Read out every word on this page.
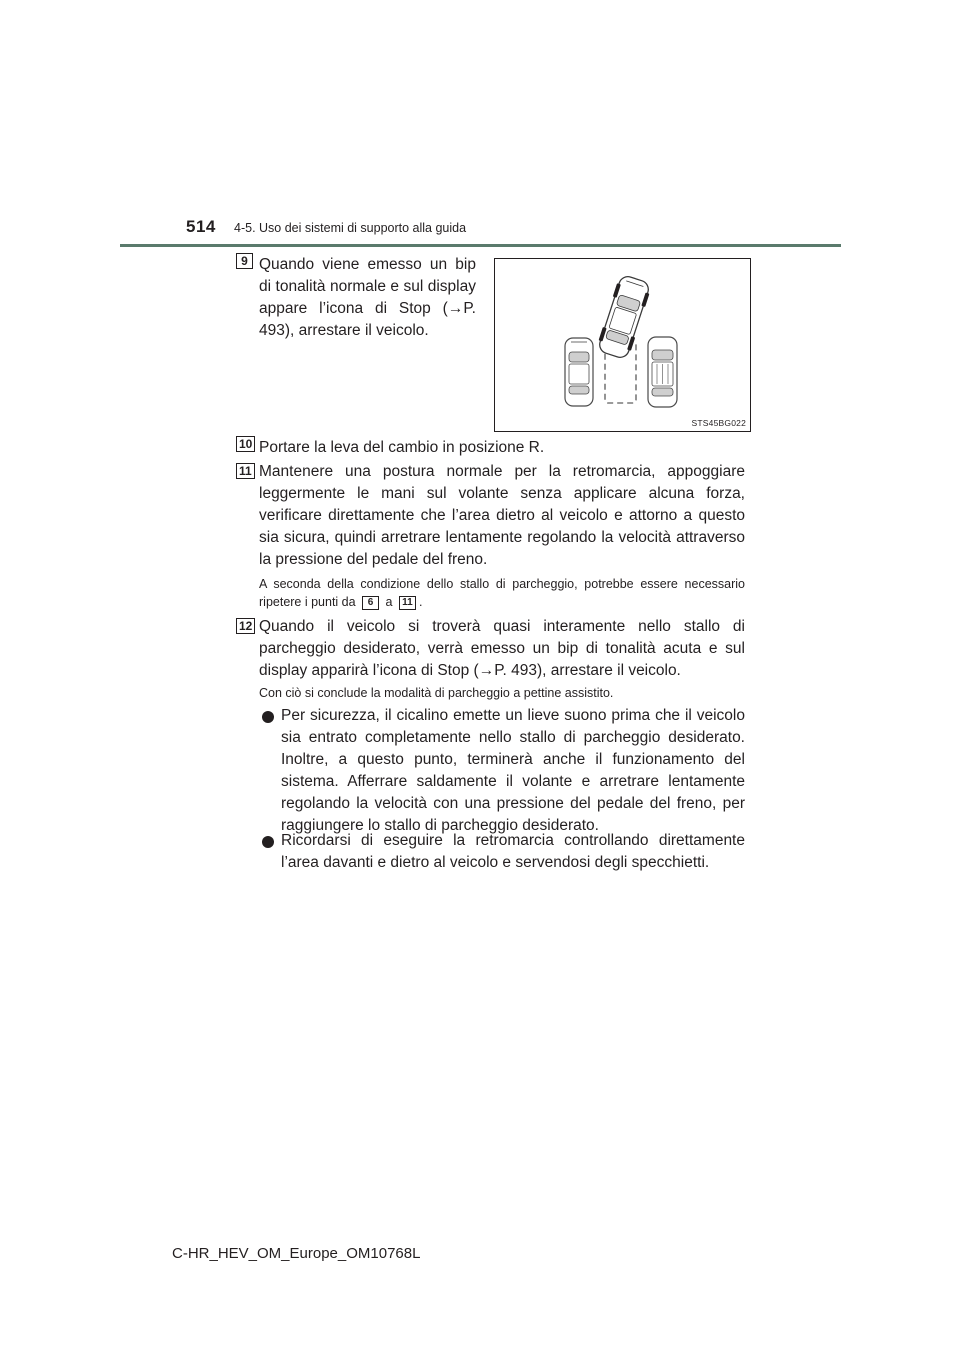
514 4-5. Uso dei sistemi di supporto alla guida
9 Quando viene emesso un bip di tonalità normale e sul display appare l’icona di Stop (→P. 493), arrestare il veicolo.

STS45BG022
10 Portare la leva del cambio in posizione R.

11 Mantenere una postura normale per la retromarcia, appoggiare leggermente le mani sul volante senza applicare alcuna forza, verificare direttamente che l’area dietro al veicolo e attorno a questo sia sicura, quindi arretrare lentamente regolando la velocità attraverso la pressione del pedale del freno.

A seconda della condizione dello stallo di parcheggio, potrebbe essere necessario ripetere i punti da 6 a 11 .

12 Quando il veicolo si troverà quasi interamente nello stallo di parcheggio desiderato, verrà emesso un bip di tonalità acuta e sul display apparirà l’icona di Stop (→P. 493), arrestare il veicolo.

Con ciò si conclude la modalità di parcheggio a pettine assistito.

Per sicurezza, il cicalino emette un lieve suono prima che il veicolo sia entrato completamente nello stallo di parcheggio desiderato. Inoltre, a questo punto, terminerà anche il funzionamento del sistema. Afferrare saldamente il volante e arretrare lentamente regolando la velocità con una pressione del pedale del freno, per raggiungere lo stallo di parcheggio desiderato.

Ricordarsi di eseguire la retromarcia controllando direttamente l’area davanti e dietro al veicolo e servendosi degli specchietti.

C-HR_HEV_OM_Europe_OM10768L
